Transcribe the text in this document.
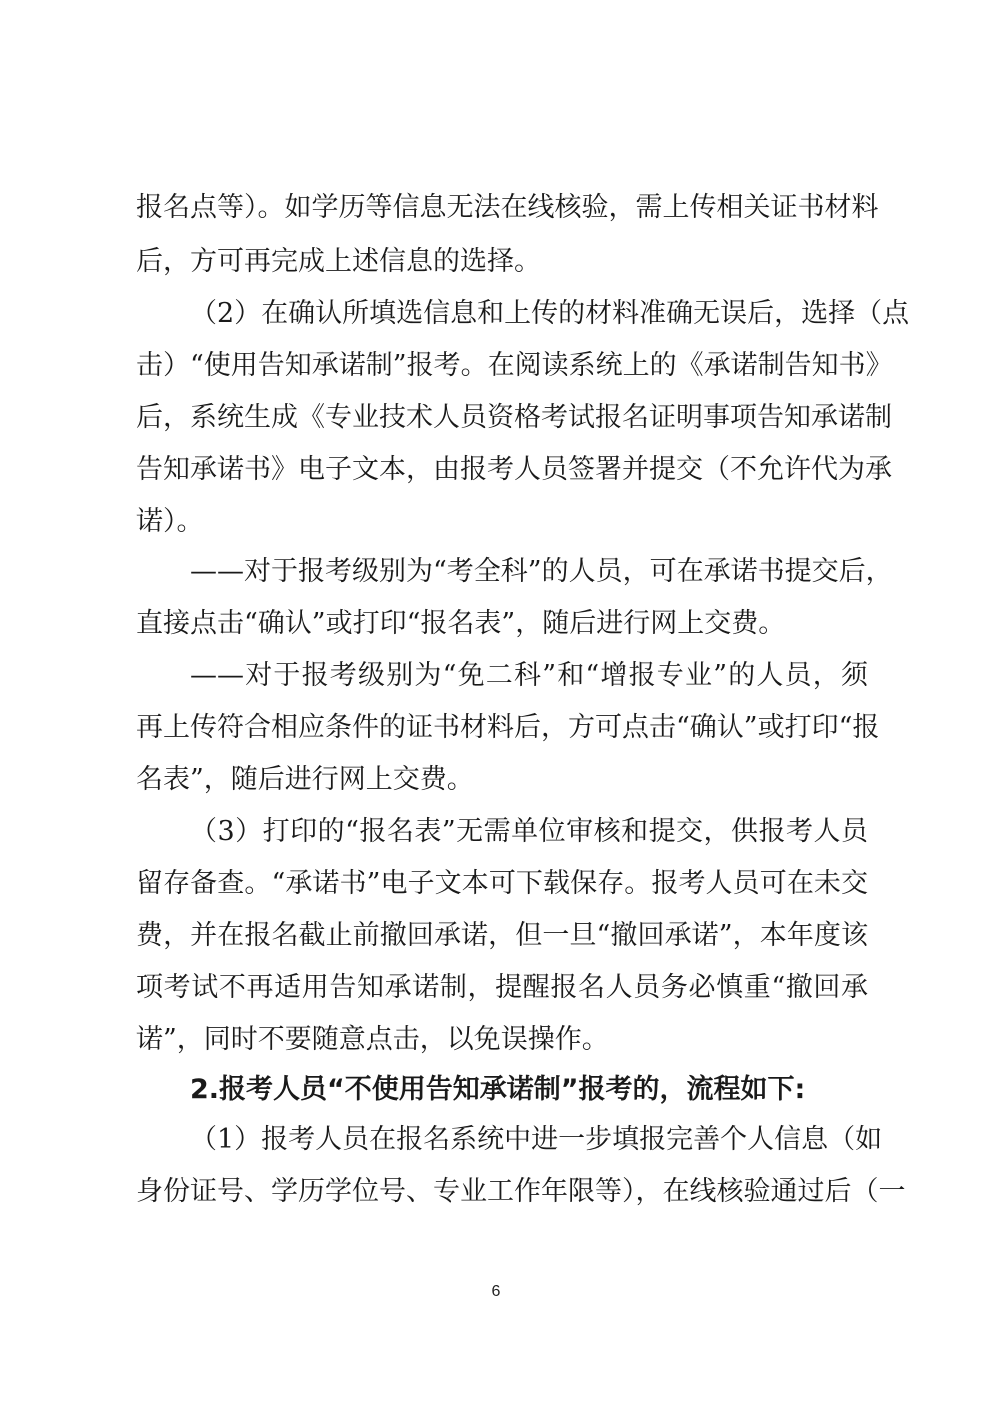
报名点等）。如学历等信息无法在线核验，需上传相关证书材料
后，方可再完成上述信息的选择。
（2）在确认所填选信息和上传的材料准确无误后，选择（点
击）“使用告知承诺制”报考。在阅读系统上的《承诺制告知书》
后，系统生成《专业技术人员资格考试报名证明事项告知承诺制
告知承诺书》电子文本，由报考人员签署并提交（不允许代为承
诺）。
——对于报考级别为“考全科”的人员，可在承诺书提交后，
直接点击“确认”或打印“报名表”，随后进行网上交费。
——对于报考级别为“免二科”和“增报专业”的人员，须
再上传符合相应条件的证书材料后，方可点击“确认”或打印“报
名表”，随后进行网上交费。
（3）打印的“报名表”无需单位审核和提交，供报考人员
留存备查。“承诺书”电子文本可下载保存。报考人员可在未交
费，并在报名截止前撤回承诺，但一旦“撤回承诺”，本年度该
项考试不再适用告知承诺制，提醒报名人员务必慎重“撤回承
诺”，同时不要随意点击，以免误操作。
2.报考人员“不使用告知承诺制”报考的，流程如下:
（1）报考人员在报名系统中进一步填报完善个人信息（如
身份证号、学历学位号、专业工作年限等），在线核验通过后（一
6
